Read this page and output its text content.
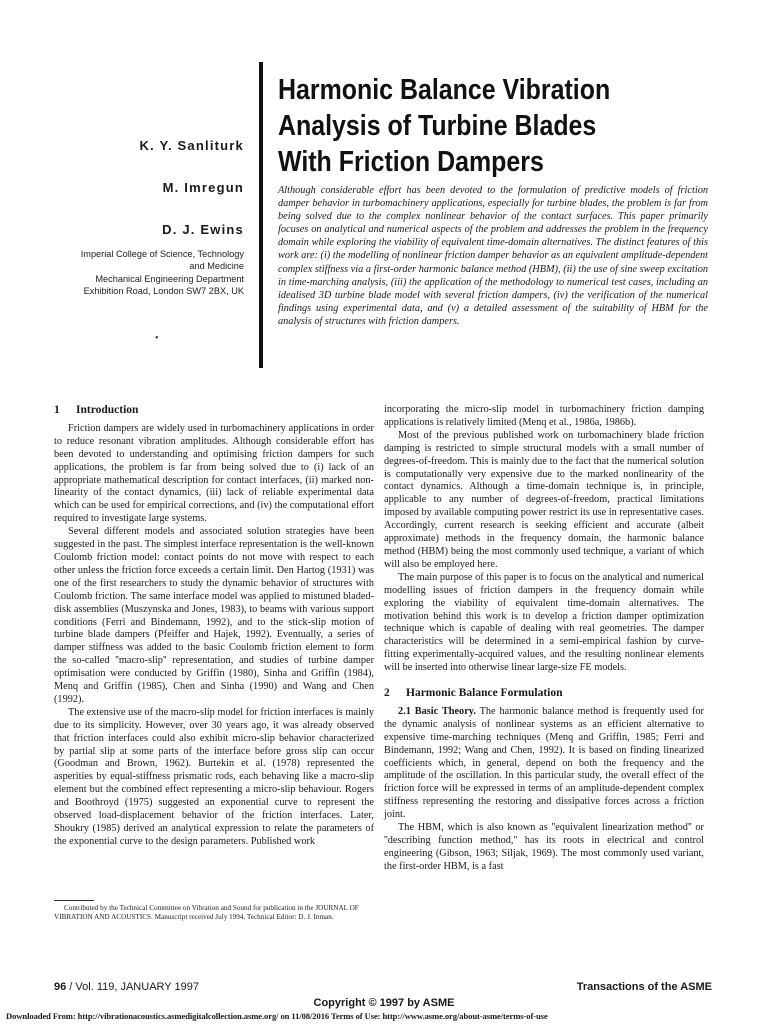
Harmonic Balance Vibration
Analysis of Turbine Blades
With Friction Dampers
K. Y. Sanliturk
M. Imregun
D. J. Ewins
Imperial College of Science, Technology
and Medicine
Mechanical Engineering Department
Exhibition Road, London SW7 2BX, UK
•
Although considerable effort has been devoted to the formulation of predictive models of friction damper behavior in turbomachinery applications, especially for turbine blades, the problem is far from being solved due to the complex nonlinear behavior of the contact surfaces. This paper primarily focuses on analytical and numerical aspects of the problem and addresses the problem in the frequency domain while exploring the viability of equivalent time-domain alternatives. The distinct features of this work are: (i) the modelling of nonlinear friction damper behavior as an equivalent amplitude-dependent complex stiffness via a first-order harmonic balance method (HBM), (ii) the use of sine sweep excitation in time-marching analysis, (iii) the application of the methodology to numerical test cases, including an idealised 3D turbine blade model with several friction dampers, (iv) the verification of the numerical findings using experimental data, and (v) a detailed assessment of the suitability of HBM for the analysis of structures with friction dampers.
1 Introduction

Friction dampers are widely used in turbomachinery applications in order to reduce resonant vibration amplitudes. Although considerable effort has been devoted to understanding and optimising friction dampers for such applications, the problem is far from being solved due to (i) lack of an appropriate mathematical description for contact interfaces, (ii) marked non-linearity of the contact dynamics, (iii) lack of reliable experimental data which can be used for empirical corrections, and (iv) the computational effort required to investigate large systems.

Several different models and associated solution strategies have been suggested in the past. The simplest interface representation is the well-known Coulomb friction model: contact points do not move with respect to each other unless the friction force exceeds a certain limit. Den Hartog (1931) was one of the first researchers to study the dynamic behavior of structures with Coulomb friction. The same interface model was applied to mistuned bladed-disk assemblies (Muszynska and Jones, 1983), to beams with various support conditions (Ferri and Bindemann, 1992), and to the stick-slip motion of turbine blade dampers (Pfeiffer and Hajek, 1992). Eventually, a series of damper stiffness was added to the basic Coulomb friction element to form the so-called ''macro-slip'' representation, and studies of turbine damper optimisation were conducted by Griffin (1980), Sinha and Griffin (1984), Menq and Griffin (1985), Chen and Sinha (1990) and Wang and Chen (1992).

The extensive use of the macro-slip model for friction interfaces is mainly due to its simplicity. However, over 30 years ago, it was already observed that friction interfaces could also exhibit micro-slip behavior characterized by partial slip at some parts of the interface before gross slip can occur (Goodman and Brown, 1962). Burtekin et al. (1978) represented the asperities by equal-stiffness prismatic rods, each behaving like a macro-slip element but the combined effect representing a micro-slip behaviour. Rogers and Boothroyd (1975) suggested an exponential curve to represent the observed load-displacement behavior of the friction interfaces. Later, Shoukry (1985) derived an analytical expression to relate the parameters of the exponential curve to the design parameters. Published work

incorporating the micro-slip model in turbomachinery friction damping applications is relatively limited (Menq et al., 1986a, 1986b).

Most of the previous published work on turbomachinery blade friction damping is restricted to simple structural models with a small number of degrees-of-freedom. This is mainly due to the fact that the numerical solution is computationally very expensive due to the marked nonlinearity of the contact dynamics. Although a time-domain technique is, in principle, applicable to any number of degrees-of-freedom, practical limitations imposed by available computing power restrict its use in representative cases. Accordingly, current research is seeking efficient and accurate (albeit approximate) methods in the frequency domain, the harmonic balance method (HBM) being the most commonly used technique, a variant of which will also be employed here.

The main purpose of this paper is to focus on the analytical and numerical modelling issues of friction dampers in the frequency domain while exploring the viability of equivalent time-domain alternatives. The motivation behind this work is to develop a friction damper optimization technique which is capable of dealing with real geometries. The damper characteristics will be determined in a semi-empirical fashion by curve-fitting experimentally-acquired values, and the resulting nonlinear elements will be inserted into otherwise linear large-size FE models.

2 Harmonic Balance Formulation

2.1 Basic Theory. The harmonic balance method is frequently used for the dynamic analysis of nonlinear systems as an efficient alternative to expensive time-marching techniques (Menq and Griffin, 1985; Ferri and Bindemann, 1992; Wang and Chen, 1992). It is based on finding linearized coefficients which, in general, depend on both the frequency and the amplitude of the oscillation. In this particular study, the overall effect of the friction force will be expressed in terms of an amplitude-dependent complex stiffness representing the restoring and dissipative forces across a friction joint.

The HBM, which is also known as ''equivalent linearization method'' or ''describing function method,'' has its roots in electrical and control engineering (Gibson, 1963; Siljak, 1969). The most commonly used variant, the first-order HBM, is a fast

Contributed by the Technical Committee on Vibration and Sound for publication in the JOURNAL OF VIBRATION AND ACOUSTICS. Manuscript received July 1994. Technical Editor: D. J. Inman.
96 / Vol. 119, JANUARY 1997	Transactions of the ASME
Copyright © 1997 by ASME
Downloaded From: http://vibrationacoustics.asmedigitalcollection.asme.org/ on 11/08/2016 Terms of Use: http://www.asme.org/about-asme/terms-of-use
